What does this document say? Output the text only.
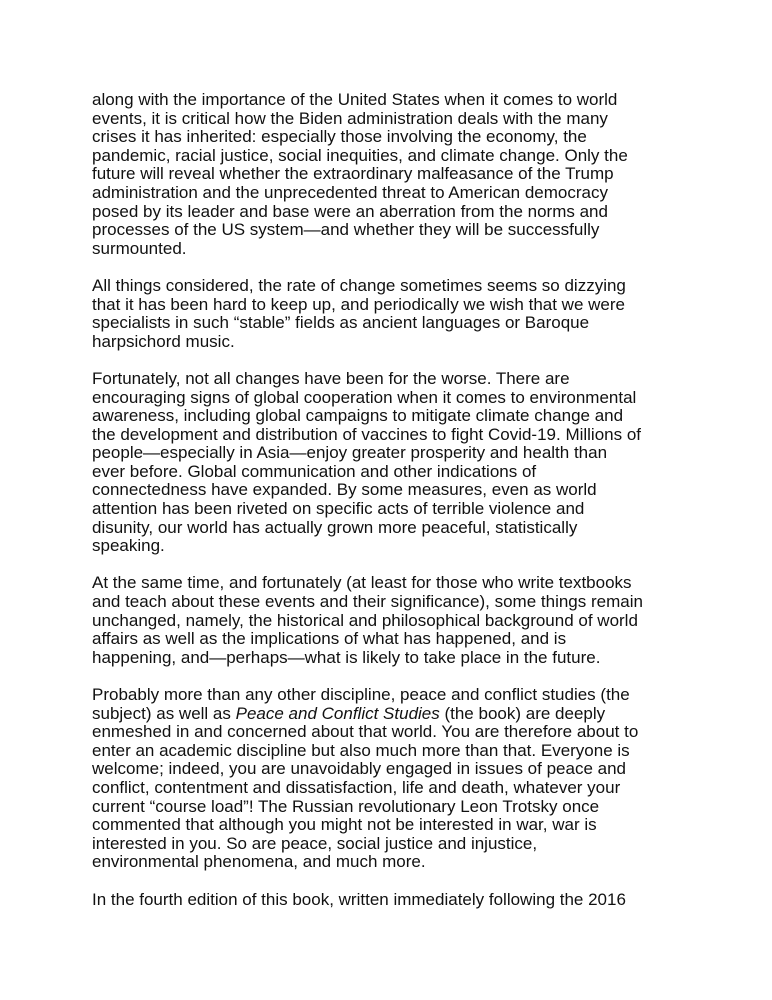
along with the importance of the United States when it comes to world
events, it is critical how the Biden administration deals with the many
crises it has inherited: especially those involving the economy, the
pandemic, racial justice, social inequities, and climate change. Only the
future will reveal whether the extraordinary malfeasance of the Trump
administration and the unprecedented threat to American democracy
posed by its leader and base were an aberration from the norms and
processes of the US system—and whether they will be successfully
surmounted.

All things considered, the rate of change sometimes seems so dizzying
that it has been hard to keep up, and periodically we wish that we were
specialists in such “stable” fields as ancient languages or Baroque
harpsichord music.

Fortunately, not all changes have been for the worse. There are
encouraging signs of global cooperation when it comes to environmental
awareness, including global campaigns to mitigate climate change and
the development and distribution of vaccines to fight Covid-19. Millions of
people—especially in Asia—enjoy greater prosperity and health than
ever before. Global communication and other indications of
connectedness have expanded. By some measures, even as world
attention has been riveted on specific acts of terrible violence and
disunity, our world has actually grown more peaceful, statistically
speaking.

At the same time, and fortunately (at least for those who write textbooks
and teach about these events and their significance), some things remain
unchanged, namely, the historical and philosophical background of world
affairs as well as the implications of what has happened, and is
happening, and—perhaps—what is likely to take place in the future.

Probably more than any other discipline, peace and conflict studies (the
subject) as well as Peace and Conflict Studies (the book) are deeply
enmeshed in and concerned about that world. You are therefore about to
enter an academic discipline but also much more than that. Everyone is
welcome; indeed, you are unavoidably engaged in issues of peace and
conflict, contentment and dissatisfaction, life and death, whatever your
current “course load”! The Russian revolutionary Leon Trotsky once
commented that although you might not be interested in war, war is
interested in you. So are peace, social justice and injustice,
environmental phenomena, and much more.

In the fourth edition of this book, written immediately following the 2016
